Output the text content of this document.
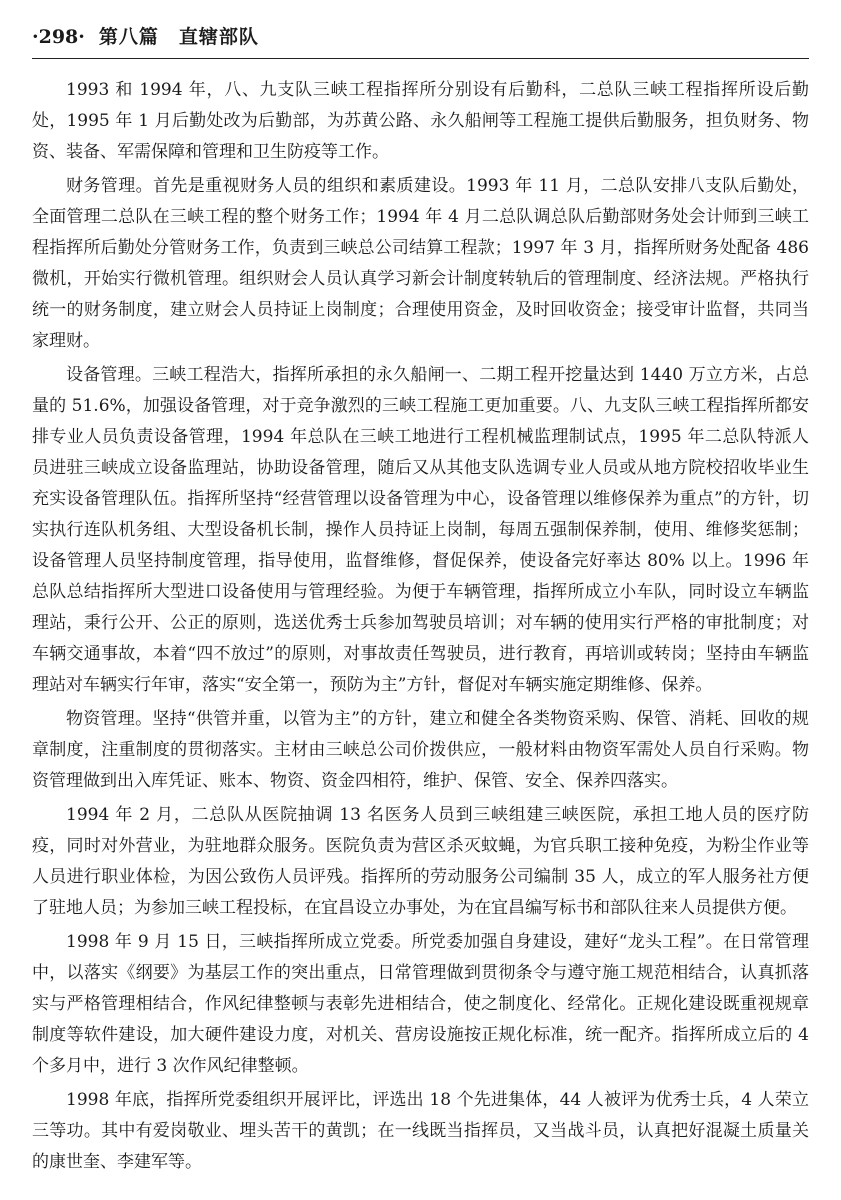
·298· 第八篇 直辖部队

1993 和 1994 年，八、九支队三峡工程指挥所分别设有后勤科，二总队三峡工程指挥所设后勤处，1995 年 1 月后勤处改为后勤部，为苏黄公路、永久船闸等工程施工提供后勤服务，担负财务、物资、装备、军需保障和管理和卫生防疫等工作。

财务管理。首先是重视财务人员的组织和素质建设。1993 年 11 月，二总队安排八支队后勤处，全面管理二总队在三峡工程的整个财务工作；1994 年 4 月二总队调总队后勤部财务处会计师到三峡工程指挥所后勤处分管财务工作，负责到三峡总公司结算工程款；1997 年 3 月，指挥所财务处配备 486 微机，开始实行微机管理。组织财会人员认真学习新会计制度转轨后的管理制度、经济法规。严格执行统一的财务制度，建立财会人员持证上岗制度；合理使用资金，及时回收资金；接受审计监督，共同当家理财。

设备管理。三峡工程浩大，指挥所承担的永久船闸一、二期工程开挖量达到 1440 万立方米，占总量的 51.6%，加强设备管理，对于竞争激烈的三峡工程施工更加重要。八、九支队三峡工程指挥所都安排专业人员负责设备管理，1994 年总队在三峡工地进行工程机械监理制试点，1995 年二总队特派人员进驻三峡成立设备监理站，协助设备管理，随后又从其他支队选调专业人员或从地方院校招收毕业生充实设备管理队伍。指挥所坚持“经营管理以设备管理为中心，设备管理以维修保养为重点”的方针，切实执行连队机务组、大型设备机长制，操作人员持证上岗制，每周五强制保养制，使用、维修奖惩制；设备管理人员坚持制度管理，指导使用，监督维修，督促保养，使设备完好率达 80% 以上。1996 年总队总结指挥所大型进口设备使用与管理经验。为便于车辆管理，指挥所成立小车队，同时设立车辆监理站，秉行公开、公正的原则，选送优秀士兵参加驾驶员培训；对车辆的使用实行严格的审批制度；对车辆交通事故，本着“四不放过”的原则，对事故责任驾驶员，进行教育，再培训或转岗；坚持由车辆监理站对车辆实行年审，落实“安全第一，预防为主”方针，督促对车辆实施定期维修、保养。

物资管理。坚持“供管并重，以管为主”的方针，建立和健全各类物资采购、保管、消耗、回收的规章制度，注重制度的贯彻落实。主材由三峡总公司价拨供应，一般材料由物资军需处人员自行采购。物资管理做到出入库凭证、账本、物资、资金四相符，维护、保管、安全、保养四落实。

1994 年 2 月，二总队从医院抽调 13 名医务人员到三峡组建三峡医院，承担工地人员的医疗防疫，同时对外营业，为驻地群众服务。医院负责为营区杀灭蚊蝇，为官兵职工接种免疫，为粉尘作业等人员进行职业体检，为因公致伤人员评残。指挥所的劳动服务公司编制 35 人，成立的军人服务社方便了驻地人员；为参加三峡工程投标，在宜昌设立办事处，为在宜昌编写标书和部队往来人员提供方便。

1998 年 9 月 15 日，三峡指挥所成立党委。所党委加强自身建设，建好“龙头工程”。在日常管理中，以落实《纲要》为基层工作的突出重点，日常管理做到贯彻条令与遵守施工规范相结合，认真抓落实与严格管理相结合，作风纪律整顿与表彰先进相结合，使之制度化、经常化。正规化建设既重视规章制度等软件建设，加大硬件建设力度，对机关、营房设施按正规化标准，统一配齐。指挥所成立后的 4 个多月中，进行 3 次作风纪律整顿。

1998 年底，指挥所党委组织开展评比，评选出 18 个先进集体，44 人被评为优秀士兵，4 人荣立三等功。其中有爱岗敬业、埋头苦干的黄凯；在一线既当指挥员，又当战斗员，认真把好混凝土质量关的康世奎、李建军等。
